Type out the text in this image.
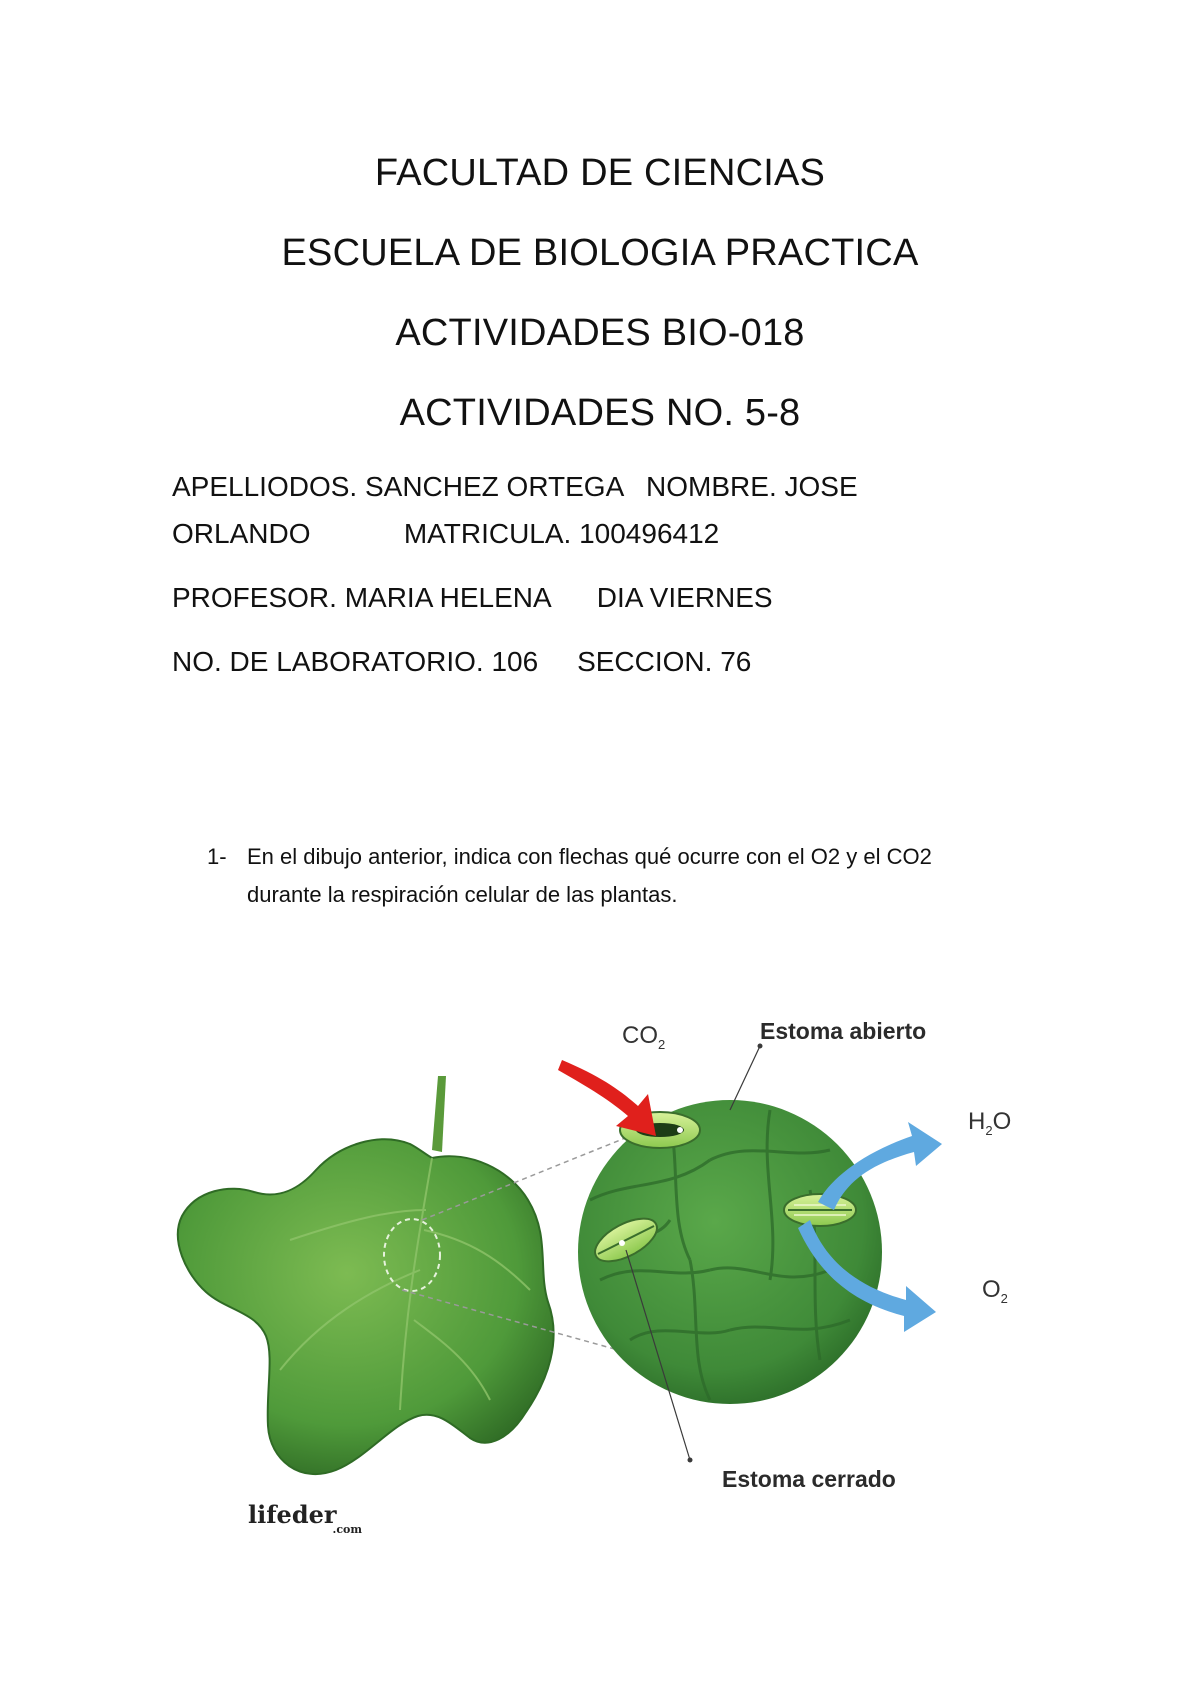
FACULTAD DE CIENCIAS
ESCUELA DE BIOLOGIA PRACTICA
ACTIVIDADES BIO-018
ACTIVIDADES NO. 5-8
APELLIODOS. SANCHEZ ORTEGA   NOMBRE. JOSE
ORLANDO            MATRICULA. 100496412
PROFESOR. MARIA HELENA      DIA VIERNES
NO. DE LABORATORIO. 106     SECCION. 76
1- En el dibujo anterior, indica con flechas qué ocurre con el O2 y el CO2 durante la respiración celular de las plantas.
Estoma abierto
Estoma cerrado
$CO_2$
$H_2O$
$O_2$
lifeder$_{.com}$
